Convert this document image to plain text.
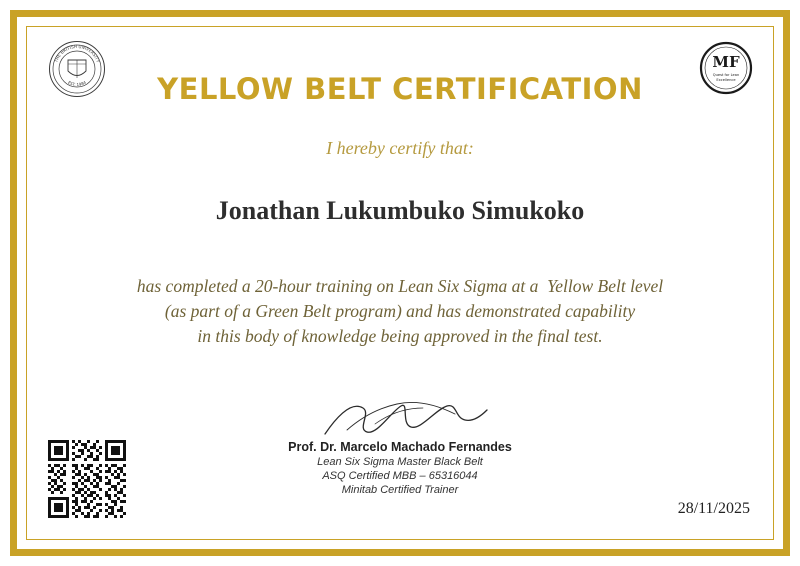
THE BRITISH UNIVERSITY
EST. 1984
MF
Quest for Lean
Excellence
YELLOW BELT CERTIFICATION
I hereby certify that:
Jonathan Lukumbuko Simukoko
has completed a 20-hour training on Lean Six Sigma at a  Yellow Belt level
(as part of a Green Belt program) and has demonstrated capability
in this body of knowledge being approved in the final test.
Prof. Dr. Marcelo Machado Fernandes
Lean Six Sigma Master Black Belt
ASQ Certified MBB – 65316044
Minitab Certified Trainer
28/11/2025
